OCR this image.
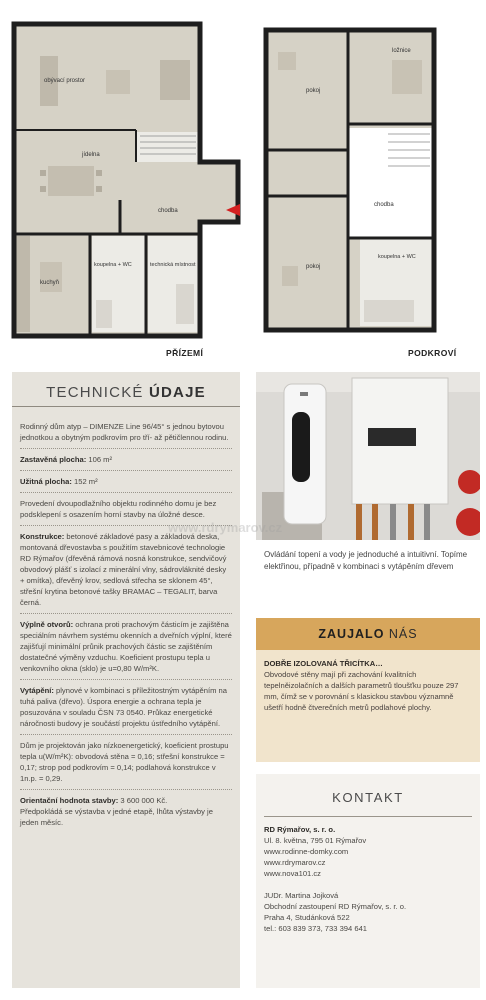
obývací prostor
jídelna
chodba
kuchyň
koupelna + WC	technická místnost
pokoj
ložnice
chodba
pokoj
koupelna + WC
PŘÍZEMÍ	PODKROVÍ
TECHNICKÉ ÚDAJE
Rodinný dům atyp – DIMENZE Line 96/45° s jednou bytovou jednotkou a obytným podkrovím pro tří- až pětičlennou rodinu.
Zastavěná plocha: 106 m²
Užitná plocha: 152 m²
Provedení dvoupodlažního objektu rodinného domu je bez podsklepení s osazením horní stavby na úložné desce.
Konstrukce: betonové základové pasy a základová deska, montovaná dřevostavba s použitím stavebnicové technologie RD Rýmařov (dřevěná rámová nosná konstrukce, sendvičový obvodový plášť s izolací z minerální vlny, sádrovláknité desky + omítka), dřevěný krov, sedlová střecha se sklonem 45°, střešní krytina betonové tašky BRAMAC – TEGALIT, barva černá.
Výplně otvorů: ochrana proti prachovým částicím je zajištěna speciálním návrhem systému okenních a dveřních výplní, které zajišťují minimální průnik prachových částic se zajištěním dostatečné výměny vzduchu. Koeficient prostupu tepla u venkovního okna (sklo) je u=0,80 W/m²K.
Vytápění: plynové v kombinaci s příležitostným vytápěním na tuhá paliva (dřevo). Úspora energie a ochrana tepla je posuzována v souladu ČSN 73 0540. Průkaz energetické náročnosti budovy je součástí projektu ústředního vytápění.
Dům je projektován jako nízkoenergetický, koeficient prostupu tepla u(W/m²K): obvodová stěna = 0,16; střešní konstrukce = 0,17; strop pod podkrovím = 0,14; podlahová konstrukce v 1n.p. = 0,29.
Orientační hodnota stavby: 3 600 000 Kč.
Předpokládá se výstavba v jedné etapě, lhůta výstavby je jeden měsíc.
www.rdrymarov.cz
Ovládání topení a vody je jednoduché a intuitivní. Topíme elektřinou, případně v kombinaci s vytápěním dřevem
ZAUJALO NÁS
DOBŘE IZOLOVANÁ TŘICÍTKA…
Obvodové stěny mají při zachování kvalitních tepelněizolačních a dalších parametrů tloušťku pouze 297 mm, čímž se v porovnání s klasickou stavbou významně ušetří hodně čtverečních metrů podlahové plochy.
KONTAKT
RD Rýmařov, s. r. o.
Ul. 8. května, 795 01 Rýmařov
www.rodinne-domky.com
www.rdrymarov.cz
www.nova101.cz
JUDr. Martina Jojková
Obchodní zastoupení RD Rýmařov, s. r. o.
Praha 4, Studánková 522
tel.: 603 839 373, 733 394 641
